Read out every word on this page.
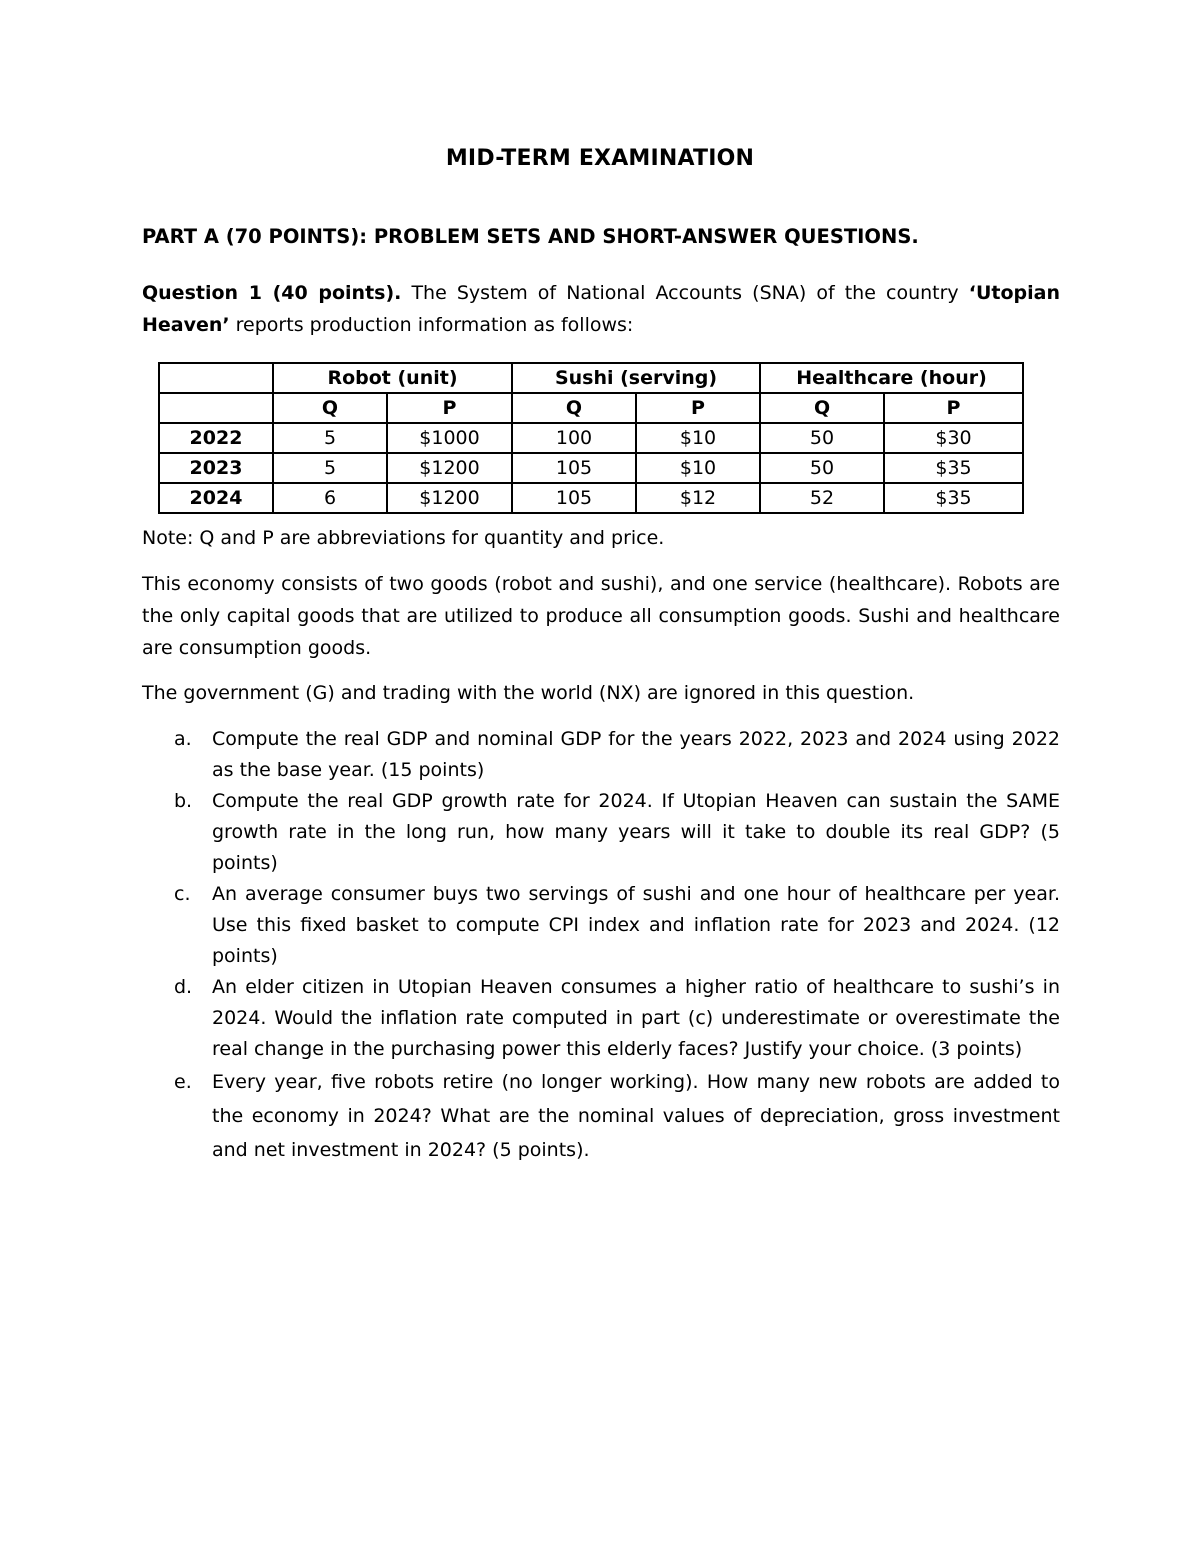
MID-TERM EXAMINATION
PART A (70 POINTS): PROBLEM SETS AND SHORT-ANSWER QUESTIONS.
Question 1 (40 points). The System of National Accounts (SNA) of the country ‘Utopian Heaven’ reports production information as follows:
	Robot (unit)		Sushi (serving)		Healthcare (hour)	
	Q	P	Q	P	Q	P
2022	5	$1000	100	$10	50	$30
2023	5	$1200	105	$10	50	$35
2024	6	$1200	105	$12	52	$35
Note: Q and P are abbreviations for quantity and price.
This economy consists of two goods (robot and sushi), and one service (healthcare). Robots are the only capital goods that are utilized to produce all consumption goods. Sushi and healthcare are consumption goods.
The government (G) and trading with the world (NX) are ignored in this question.
a. Compute the real GDP and nominal GDP for the years 2022, 2023 and 2024 using 2022 as the base year. (15 points)
b. Compute the real GDP growth rate for 2024. If Utopian Heaven can sustain the SAME growth rate in the long run, how many years will it take to double its real GDP? (5 points)
c. An average consumer buys two servings of sushi and one hour of healthcare per year. Use this fixed basket to compute CPI index and inflation rate for 2023 and 2024. (12 points)
d. An elder citizen in Utopian Heaven consumes a higher ratio of healthcare to sushi’s in 2024. Would the inflation rate computed in part (c) underestimate or overestimate the real change in the purchasing power this elderly faces? Justify your choice. (3 points)
e. Every year, five robots retire (no longer working). How many new robots are added to the economy in 2024? What are the nominal values of depreciation, gross investment and net investment in 2024? (5 points).
